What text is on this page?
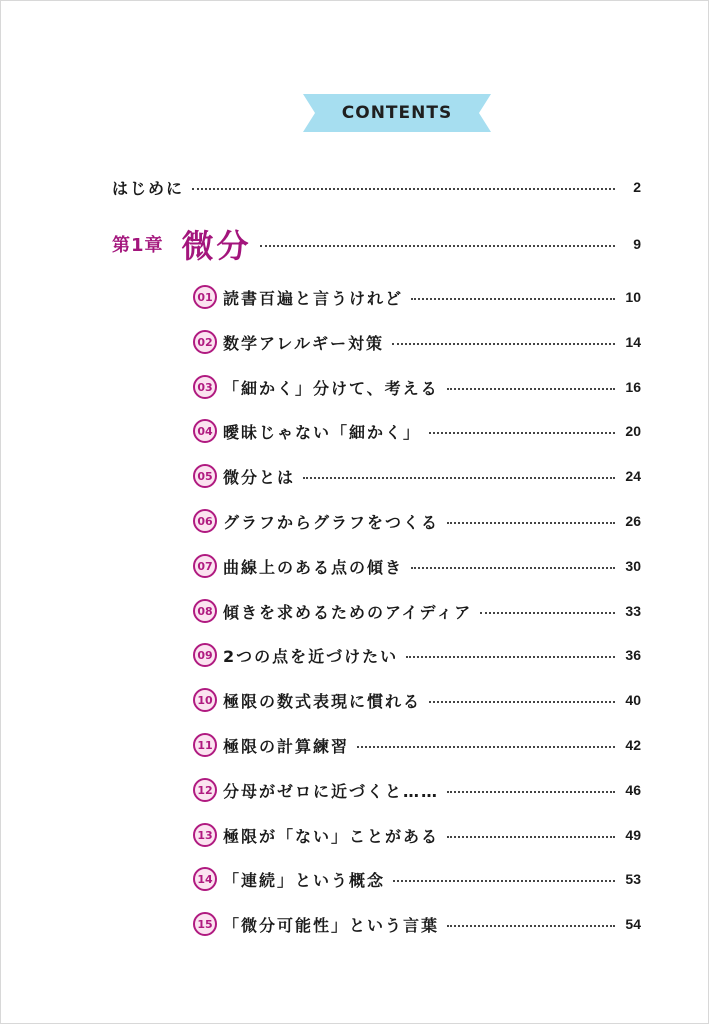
CONTENTS
はじめに	2
第1章 微分	9
01 読書百遍と言うけれど	10
02 数学アレルギー対策	14
03 「細かく」分けて、考える	16
04 曖昧じゃない「細かく」	20
05 微分とは	24
06 グラフからグラフをつくる	26
07 曲線上のある点の傾き	30
08 傾きを求めるためのアイディア	33
09 2つの点を近づけたい	36
10 極限の数式表現に慣れる	40
11 極限の計算練習	42
12 分母がゼロに近づくと……	46
13 極限が「ない」ことがある	49
14 「連続」という概念	53
15 「微分可能性」という言葉	54
